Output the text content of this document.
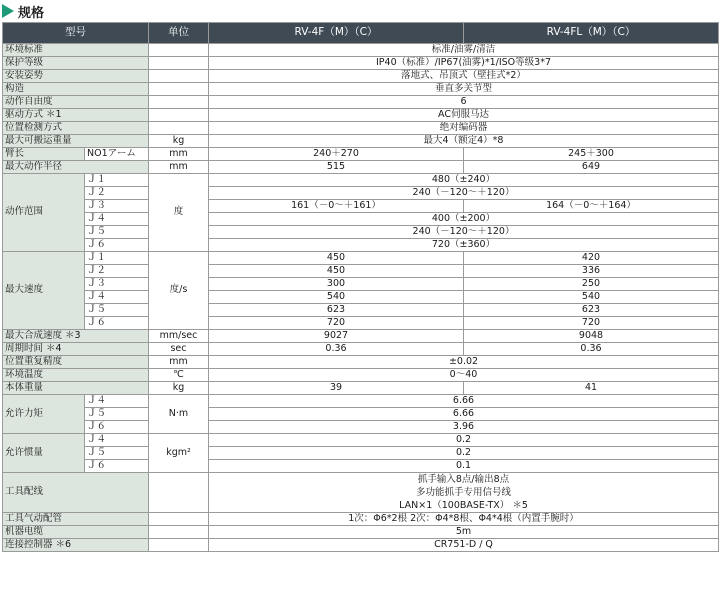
规格
型号		单位	RV-4F（M）（C）	RV-4FL（M）（C）
环境标准			标准/油雾/清洁	
保护等级			IP40（标准）/IP67(油雾)*1/ISO等级3*7	
安装姿势			落地式、吊顶式（壁挂式*2）	
构造			垂直多关节型	
动作自由度			6	
驱动方式 ＊1			AC伺服马达	
位置检测方式			绝对编码器	
最大可搬运重量		kg	最大4（额定4）*8	
臂长	NO1アーム	mm	240＋270	245＋300
最大动作半径		mm	515	649
动作范围	Ｊ１	度	480（±240）	
	Ｊ２		240（－120～＋120）	
	Ｊ３		161（－0～＋161）	164（－0～＋164）
	Ｊ４		400（±200）	
	Ｊ５		240（－120～＋120）	
	Ｊ６		720（±360）	
最大速度	Ｊ１	度/s	450	420
	Ｊ２		450	336
	Ｊ３		300	250
	Ｊ４		540	540
	Ｊ５		623	623
	Ｊ６		720	720
最大合成速度 ＊3		mm/sec	9027	9048
周期时间 ＊4		sec	0.36	0.36
位置重复精度		mm	±0.02	
环境温度		℃	0～40	
本体重量		kg	39	41
允许力矩	Ｊ４	N·m	6.66	
	Ｊ５		6.66	
	Ｊ６		3.96	
允许惯量	Ｊ４	kgm²	0.2	
	Ｊ５		0.2	
	Ｊ６		0.1	
工具配线			抓手输入8点/输出8点
多功能抓手专用信号线
LAN×1（100BASE-TX） ＊5	

工具气动配管			1次：Φ6*2根 2次：Φ4*8根、Φ4*4根（内置手腕时）	
机器电缆			5m	
连接控制器 ＊6			CR751-D / Q	
